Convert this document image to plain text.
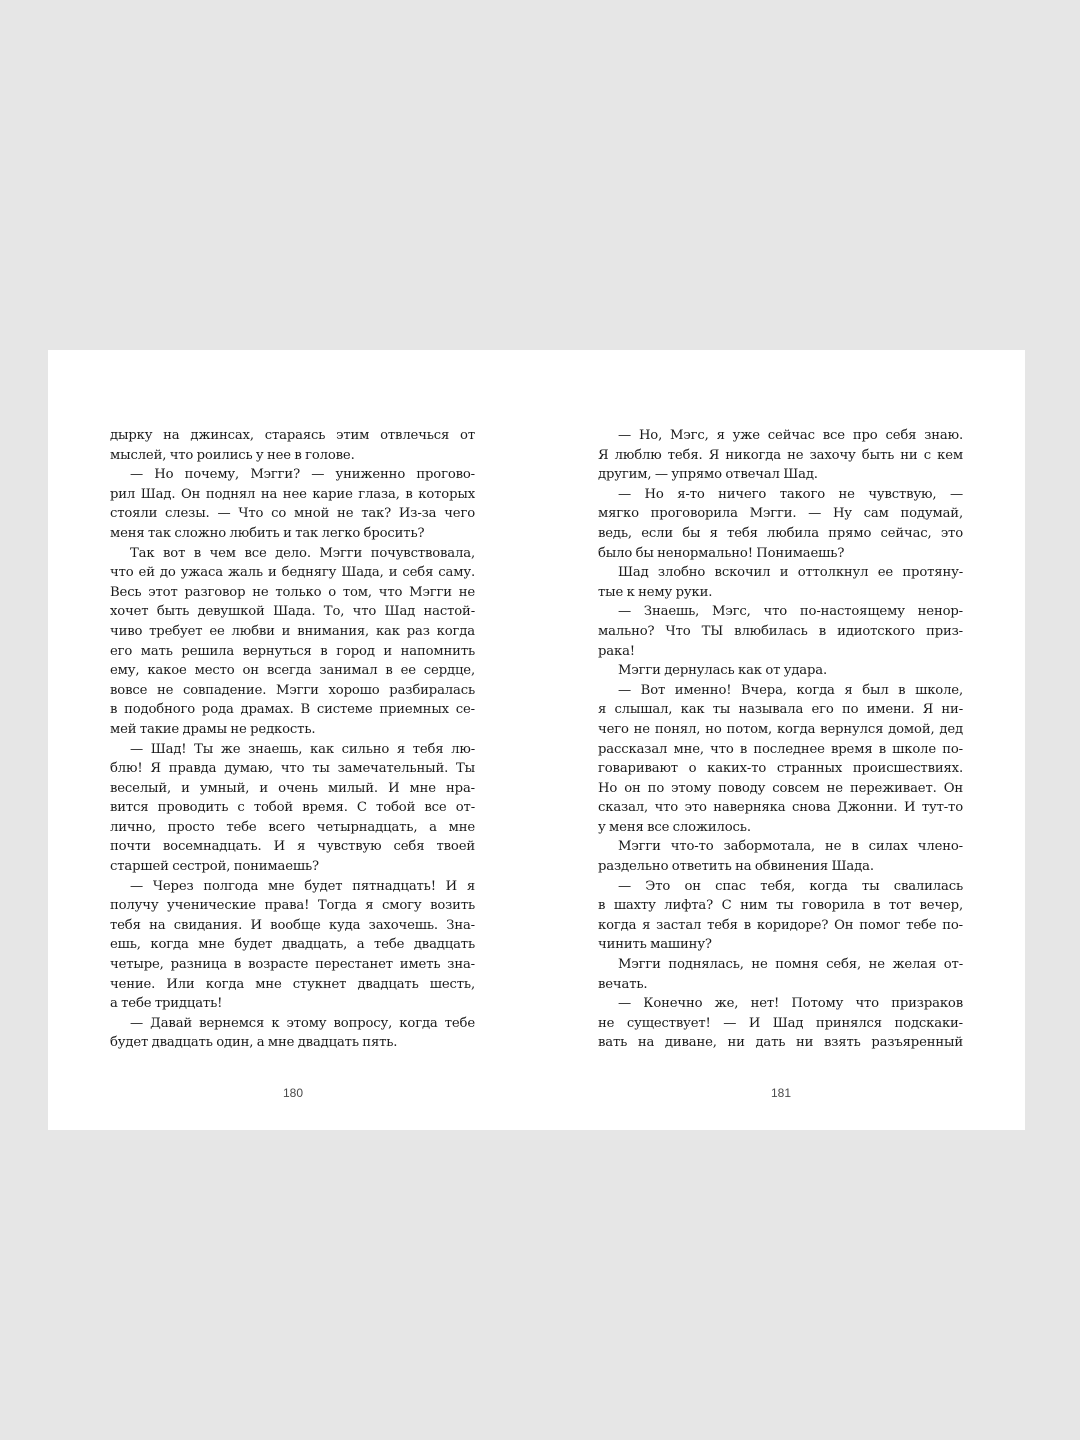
дырку на джинсах, стараясь этим отвлечься от

мыслей, что роились у нее в голове.

— Но почему, Мэгги? — униженно прогово-

рил Шад. Он поднял на нее карие глаза, в которых

стояли слезы. — Что со мной не так? Из-за чего

меня так сложно любить и так легко бросить?

Так вот в чем все дело. Мэгги почувствовала,

что ей до ужаса жаль и беднягу Шада, и себя саму.

Весь этот разговор не только о том, что Мэгги не

хочет быть девушкой Шада. То, что Шад настой-

чиво требует ее любви и внимания, как раз когда

его мать решила вернуться в город и напомнить

ему, какое место он всегда занимал в ее сердце,

вовсе не совпадение. Мэгги хорошо разбиралась

в подобного рода драмах. В системе приемных се-

мей такие драмы не редкость.

— Шад! Ты же знаешь, как сильно я тебя лю-

блю! Я правда думаю, что ты замечательный. Ты

веселый, и умный, и очень милый. И мне нра-

вится проводить с тобой время. С тобой все от-

лично, просто тебе всего четырнадцать, а мне

почти восемнадцать. И я чувствую себя твоей

старшей сестрой, понимаешь?

— Через полгода мне будет пятнадцать! И я

получу ученические права! Тогда я смогу возить

тебя на свидания. И вообще куда захочешь. Зна-

ешь, когда мне будет двадцать, а тебе двадцать

четыре, разница в возрасте перестанет иметь зна-

чение. Или когда мне стукнет двадцать шесть,

а тебе тридцать!

— Давай вернемся к этому вопросу, когда тебе

будет двадцать один, а мне двадцать пять.

— Но, Мэгс, я уже сейчас все про себя знаю.

Я люблю тебя. Я никогда не захочу быть ни с кем

другим, — упрямо отвечал Шад.

— Но я-то ничего такого не чувствую, —

мягко проговорила Мэгги. — Ну сам подумай,

ведь, если бы я тебя любила прямо сейчас, это

было бы ненормально! Понимаешь?

Шад злобно вскочил и оттолкнул ее протяну-

тые к нему руки.

— Знаешь, Мэгс, что по-настоящему ненор-

мально? Что ТЫ влюбилась в идиотского приз-

рака!

Мэгги дернулась как от удара.

— Вот именно! Вчера, когда я был в школе,

я слышал, как ты называла его по имени. Я ни-

чего не понял, но потом, когда вернулся домой, дед

рассказал мне, что в последнее время в школе по-

говаривают о каких-то странных происшествиях.

Но он по этому поводу совсем не переживает. Он

сказал, что это наверняка снова Джонни. И тут-то

у меня все сложилось.

Мэгги что-то забормотала, не в силах члено-

раздельно ответить на обвинения Шада.

— Это он спас тебя, когда ты свалилась

в шахту лифта? С ним ты говорила в тот вечер,

когда я застал тебя в коридоре? Он помог тебе по-

чинить машину?

Мэгги поднялась, не помня себя, не желая от-

вечать.

— Конечно же, нет! Потому что призраков

не существует! — И Шад принялся подскаки-

вать на диване, ни дать ни взять разъяренный

180	181
